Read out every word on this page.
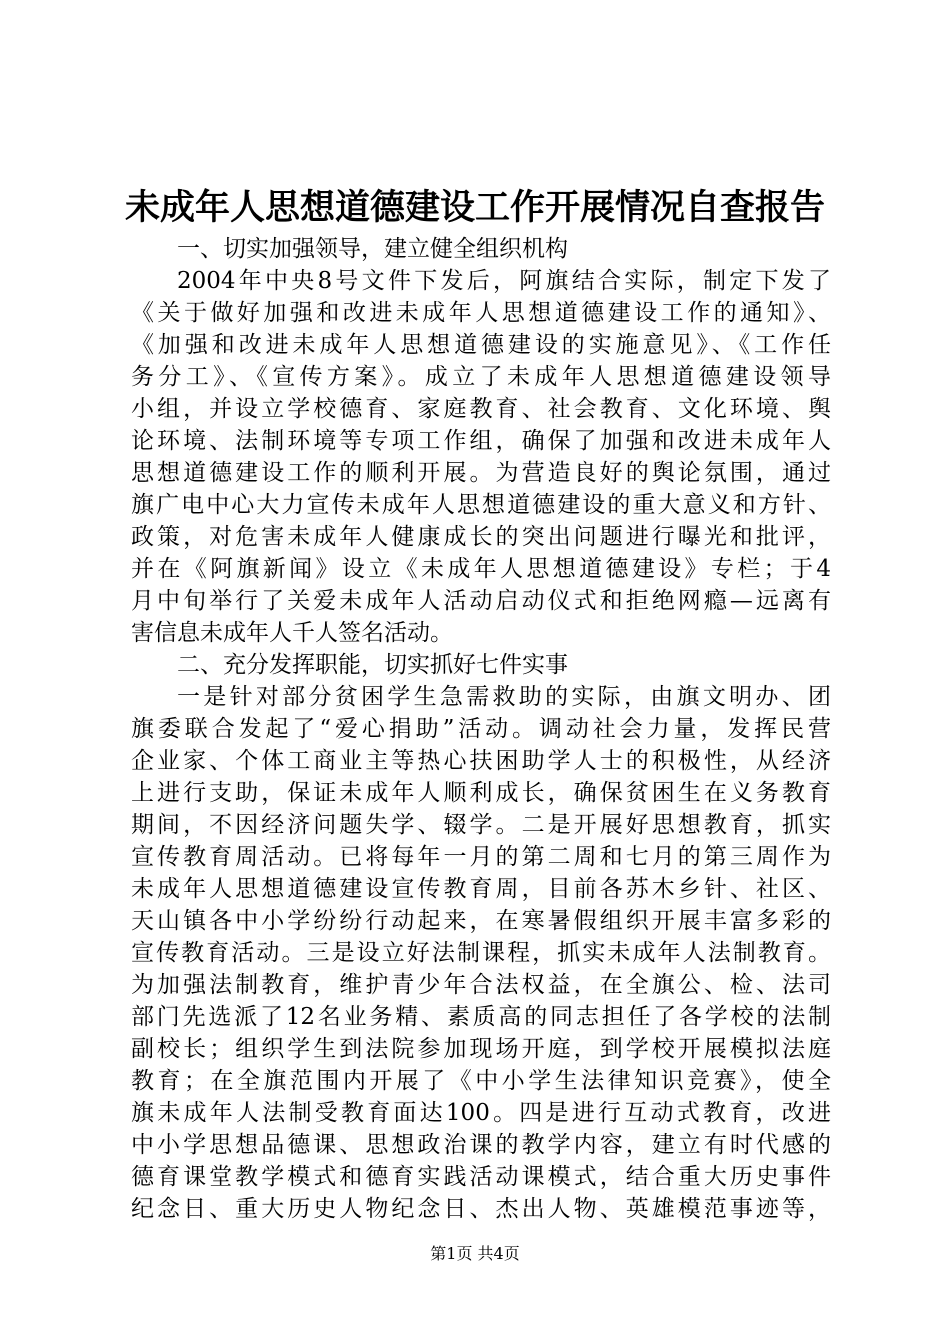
未成年人思想道德建设工作开展情况自查报告
一、切实加强领导，建立健全组织机构
2004年中央8号文件下发后，阿旗结合实际，制定下发了
《关于做好加强和改进未成年人思想道德建设工作的通知》、
《加强和改进未成年人思想道德建设的实施意见》、《工作任
务分工》、《宣传方案》。成立了未成年人思想道德建设领导
小组，并设立学校德育、家庭教育、社会教育、文化环境、舆
论环境、法制环境等专项工作组，确保了加强和改进未成年人
思想道德建设工作的顺利开展。为营造良好的舆论氛围，通过
旗广电中心大力宣传未成年人思想道德建设的重大意义和方针、
政策，对危害未成年人健康成长的突出问题进行曝光和批评，
并在《阿旗新闻》设立《未成年人思想道德建设》专栏；于4
月中旬举行了关爱未成年人活动启动仪式和拒绝网瘾—远离有
害信息未成年人千人签名活动。
二、充分发挥职能，切实抓好七件实事
一是针对部分贫困学生急需救助的实际，由旗文明办、团
旗委联合发起了“爱心捐助”活动。调动社会力量，发挥民营
企业家、个体工商业主等热心扶困助学人士的积极性，从经济
上进行支助，保证未成年人顺利成长，确保贫困生在义务教育
期间，不因经济问题失学、辍学。二是开展好思想教育，抓实
宣传教育周活动。已将每年一月的第二周和七月的第三周作为
未成年人思想道德建设宣传教育周，目前各苏木乡针、社区、
天山镇各中小学纷纷行动起来，在寒暑假组织开展丰富多彩的
宣传教育活动。三是设立好法制课程，抓实未成年人法制教育。
为加强法制教育，维护青少年合法权益，在全旗公、检、法司
部门先选派了12名业务精、素质高的同志担任了各学校的法制
副校长；组织学生到法院参加现场开庭，到学校开展模拟法庭
教育；在全旗范围内开展了《中小学生法律知识竞赛》，使全
旗未成年人法制受教育面达100。四是进行互动式教育，改进
中小学思想品德课、思想政治课的教学内容，建立有时代感的
德育课堂教学模式和德育实践活动课模式，结合重大历史事件
纪念日、重大历史人物纪念日、杰出人物、英雄模范事迹等，
第1页 共4页
